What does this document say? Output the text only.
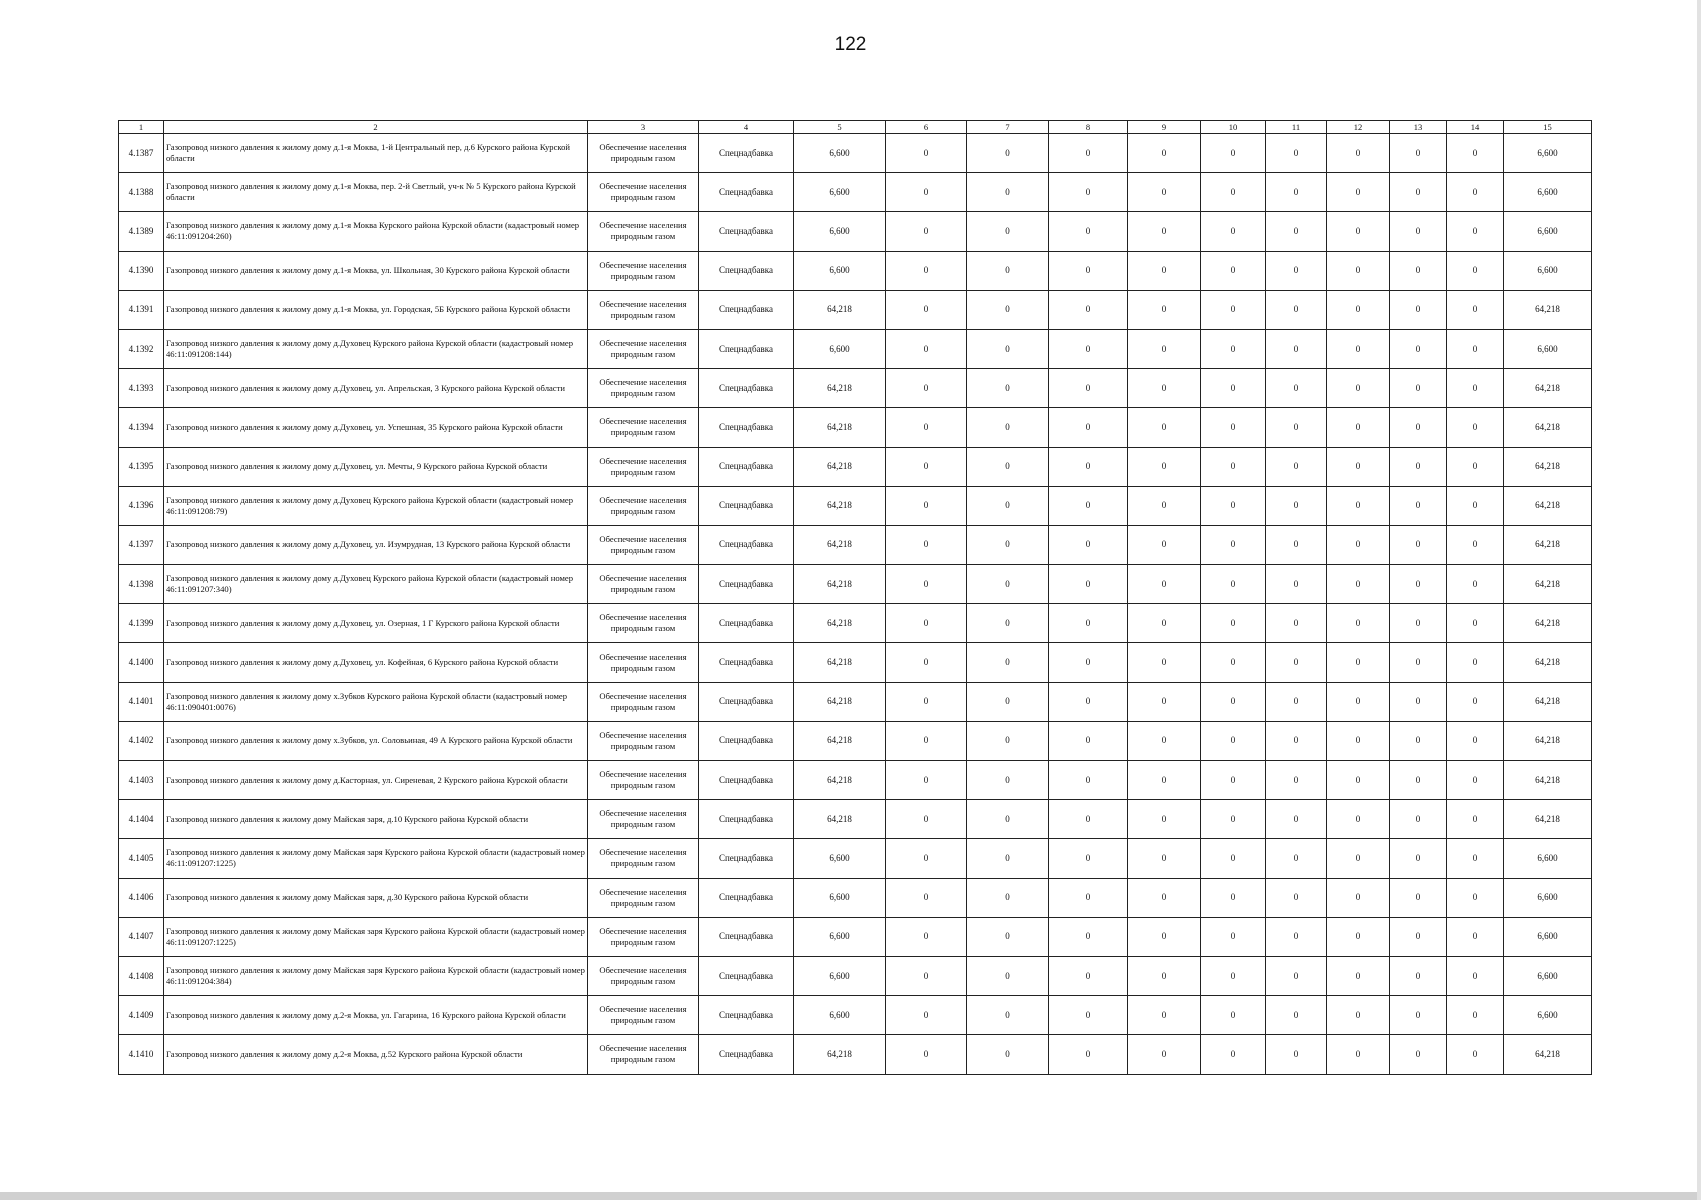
122
1	2	3	4	5	6	7	8	9	10	11	12	13	14	15
4.1387	Газопровод низкого давления к жилому дому д.1-я Моква, 1-й Центральный пер, д.6 Курского района Курской области	Обеспечение населения природным газом	Спецнадбавка	6,600	0	0	0	0	0	0	0	0	0	6,600
4.1388	Газопровод низкого давления к жилому дому д.1-я Моква, пер. 2-й Светлый, уч-к № 5 Курского района Курской области	Обеспечение населения природным газом	Спецнадбавка	6,600	0	0	0	0	0	0	0	0	0	6,600
4.1389	Газопровод низкого давления к жилому дому д.1-я Моква Курского района Курской области (кадастровый номер 46:11:091204:260)	Обеспечение населения природным газом	Спецнадбавка	6,600	0	0	0	0	0	0	0	0	0	6,600
4.1390	Газопровод низкого давления к жилому дому д.1-я Моква, ул. Школьная, 30 Курского района Курской области	Обеспечение населения природным газом	Спецнадбавка	6,600	0	0	0	0	0	0	0	0	0	6,600
4.1391	Газопровод низкого давления к жилому дому д.1-я Моква, ул. Городская, 5Б Курского района Курской области	Обеспечение населения природным газом	Спецнадбавка	64,218	0	0	0	0	0	0	0	0	0	64,218
4.1392	Газопровод низкого давления к жилому дому д.Духовец Курского района Курской области (кадастровый номер 46:11:091208:144)	Обеспечение населения природным газом	Спецнадбавка	6,600	0	0	0	0	0	0	0	0	0	6,600
4.1393	Газопровод низкого давления к жилому дому д.Духовец, ул. Апрельская, 3 Курского района Курской области	Обеспечение населения природным газом	Спецнадбавка	64,218	0	0	0	0	0	0	0	0	0	64,218
4.1394	Газопровод низкого давления к жилому дому д.Духовец, ул. Успешная, 35 Курского района Курской области	Обеспечение населения природным газом	Спецнадбавка	64,218	0	0	0	0	0	0	0	0	0	64,218
4.1395	Газопровод низкого давления к жилому дому д.Духовец, ул. Мечты, 9 Курского района Курской области	Обеспечение населения природным газом	Спецнадбавка	64,218	0	0	0	0	0	0	0	0	0	64,218
4.1396	Газопровод низкого давления к жилому дому д.Духовец Курского района Курской области (кадастровый номер 46:11:091208:79)	Обеспечение населения природным газом	Спецнадбавка	64,218	0	0	0	0	0	0	0	0	0	64,218
4.1397	Газопровод низкого давления к жилому дому д.Духовец, ул. Изумрудная, 13 Курского района Курской области	Обеспечение населения природным газом	Спецнадбавка	64,218	0	0	0	0	0	0	0	0	0	64,218
4.1398	Газопровод низкого давления к жилому дому д.Духовец Курского района Курской области (кадастровый номер 46:11:091207:340)	Обеспечение населения природным газом	Спецнадбавка	64,218	0	0	0	0	0	0	0	0	0	64,218
4.1399	Газопровод низкого давления к жилому дому д.Духовец, ул. Озерная, 1 Г Курского района Курской области	Обеспечение населения природным газом	Спецнадбавка	64,218	0	0	0	0	0	0	0	0	0	64,218
4.1400	Газопровод низкого давления к жилому дому д.Духовец, ул. Кофейная, 6 Курского района Курской области	Обеспечение населения природным газом	Спецнадбавка	64,218	0	0	0	0	0	0	0	0	0	64,218
4.1401	Газопровод низкого давления к жилому дому х.Зубков Курского района Курской области (кадастровый номер 46:11:090401:0076)	Обеспечение населения природным газом	Спецнадбавка	64,218	0	0	0	0	0	0	0	0	0	64,218
4.1402	Газопровод низкого давления к жилому дому х.Зубков, ул. Соловьиная, 49 А Курского района Курской области	Обеспечение населения природным газом	Спецнадбавка	64,218	0	0	0	0	0	0	0	0	0	64,218
4.1403	Газопровод низкого давления к жилому дому д.Касторная, ул. Сиреневая, 2 Курского района Курской области	Обеспечение населения природным газом	Спецнадбавка	64,218	0	0	0	0	0	0	0	0	0	64,218
4.1404	Газопровод низкого давления к жилому дому Майская заря, д.10 Курского района Курской области	Обеспечение населения природным газом	Спецнадбавка	64,218	0	0	0	0	0	0	0	0	0	64,218
4.1405	Газопровод низкого давления к жилому дому Майская заря Курского района Курской области (кадастровый номер 46:11:091207:1225)	Обеспечение населения природным газом	Спецнадбавка	6,600	0	0	0	0	0	0	0	0	0	6,600
4.1406	Газопровод низкого давления к жилому дому Майская заря, д.30 Курского района Курской области	Обеспечение населения природным газом	Спецнадбавка	6,600	0	0	0	0	0	0	0	0	0	6,600
4.1407	Газопровод низкого давления к жилому дому Майская заря Курского района Курской области (кадастровый номер 46:11:091207:1225)	Обеспечение населения природным газом	Спецнадбавка	6,600	0	0	0	0	0	0	0	0	0	6,600
4.1408	Газопровод низкого давления к жилому дому Майская заря Курского района Курской области (кадастровый номер 46:11:091204:384)	Обеспечение населения природным газом	Спецнадбавка	6,600	0	0	0	0	0	0	0	0	0	6,600
4.1409	Газопровод низкого давления к жилому дому д.2-я Моква, ул. Гагарина, 16 Курского района Курской области	Обеспечение населения природным газом	Спецнадбавка	6,600	0	0	0	0	0	0	0	0	0	6,600
4.1410	Газопровод низкого давления к жилому дому д.2-я Моква, д.52 Курского района Курской области	Обеспечение населения природным газом	Спецнадбавка	64,218	0	0	0	0	0	0	0	0	0	64,218
